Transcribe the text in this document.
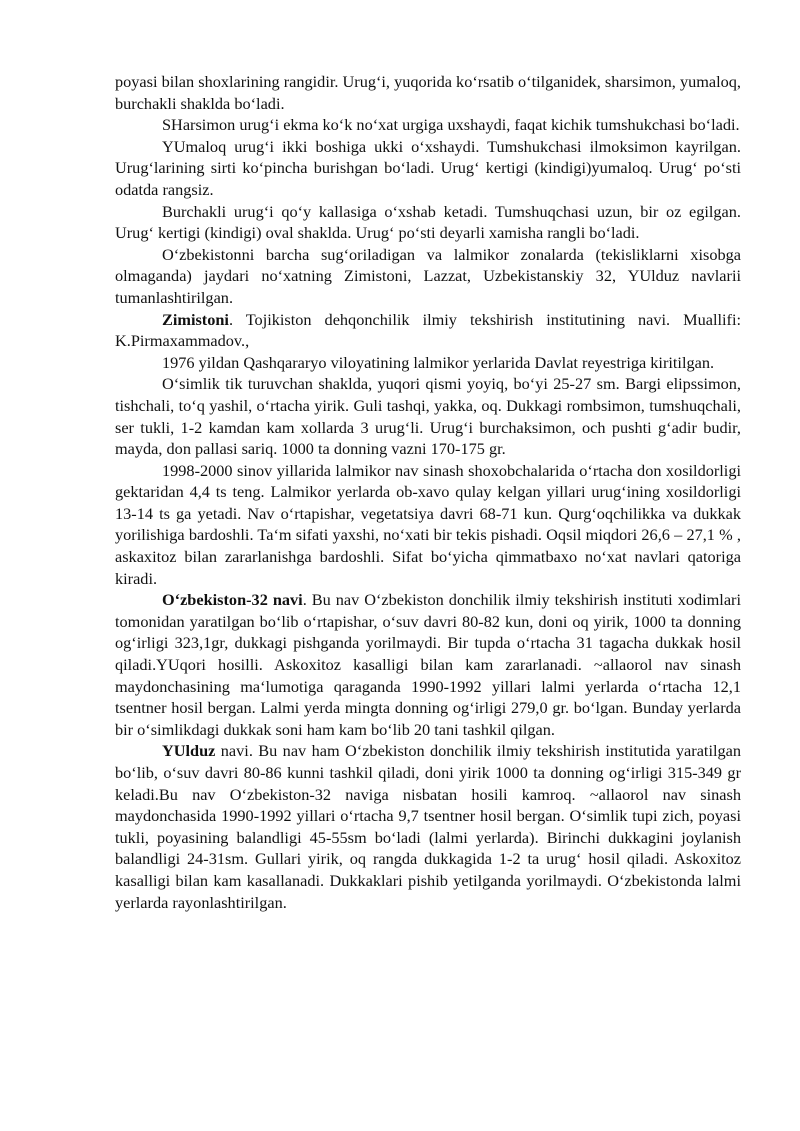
poyasi bilan shoxlarining rangidir. Urug‘i, yuqorida ko‘rsatib o‘tilganidek, sharsimon, yumaloq, burchakli shaklda bo‘ladi.

SHarsimon urug‘i ekma ko‘k no‘xat urgiga uxshaydi, faqat kichik tumshukchasi bo‘ladi.

YUmaloq urug‘i ikki boshiga ukki o‘xshaydi. Tumshukchasi ilmoksimon kayrilgan. Urug‘larining sirti ko‘pincha burishgan bo‘ladi. Urug‘ kertigi (kindigi)yumaloq. Urug‘ po‘sti odatda rangsiz.

Burchakli urug‘i qo‘y kallasiga o‘xshab ketadi. Tumshuqchasi uzun, bir oz egilgan. Urug‘ kertigi (kindigi) oval shaklda. Urug‘ po‘sti deyarli xamisha rangli bo‘ladi.

O‘zbekistonni barcha sug‘oriladigan va lalmikor zonalarda (tekisliklarni xisobga olmaganda) jaydari no‘xatning Zimistoni, Lazzat, Uzbekistanskiy 32, YUlduz navlarii tumanlashtirilgan.

Zimistoni. Tojikiston dehqonchilik ilmiy tekshirish institutining navi. Muallifi: K.Pirmaxammadov.,

1976 yildan Qashqararyo viloyatining lalmikor yerlarida Davlat reyestriga kiritilgan.

O‘simlik tik turuvchan shaklda, yuqori qismi yoyiq, bo‘yi 25-27 sm. Bargi elipssimon, tishchali, to‘q yashil, o‘rtacha yirik. Guli tashqi, yakka, oq. Dukkagi rombsimon, tumshuqchali, ser tukli, 1-2 kamdan kam xollarda 3 urug‘li. Urug‘i burchaksimon, och pushti g‘adir budir, mayda, don pallasi sariq. 1000 ta donning vazni 170-175 gr.

1998-2000 sinov yillarida lalmikor nav sinash shoxobchalarida o‘rtacha don xosildorligi gektaridan 4,4 ts teng. Lalmikor yerlarda ob-xavo qulay kelgan yillari urug‘ining xosildorligi 13-14 ts ga yetadi. Nav o‘rtapishar, vegetatsiya davri 68-71 kun. Qurg‘oqchilikka va dukkak yorilishiga bardoshli. Ta‘m sifati yaxshi, no‘xati bir tekis pishadi. Oqsil miqdori 26,6 – 27,1 % , askaxitoz bilan zararlanishga bardoshli. Sifat bo‘yicha qimmatbaxo no‘xat navlari qatoriga kiradi.

O‘zbekiston-32 navi. Bu nav O‘zbekiston donchilik ilmiy tekshirish instituti xodimlari tomonidan yaratilgan bo‘lib o‘rtapishar, o‘suv davri 80-82 kun, doni oq yirik, 1000 ta donning og‘irligi 323,1gr, dukkagi pishganda yorilmaydi. Bir tupda o‘rtacha 31 tagacha dukkak hosil qiladi.YUqori hosilli. Askoxitoz kasalligi bilan kam zararlanadi. ~allaorol nav sinash maydonchasining ma‘lumotiga qaraganda 1990-1992 yillari lalmi yerlarda o‘rtacha 12,1 tsentner hosil bergan. Lalmi yerda mingta donning og‘irligi 279,0 gr. bo‘lgan. Bunday yerlarda bir o‘simlikdagi dukkak soni ham kam bo‘lib 20 tani tashkil qilgan.

YUlduz navi. Bu nav ham O‘zbekiston donchilik ilmiy tekshirish institutida yaratilgan bo‘lib, o‘suv davri 80-86 kunni tashkil qiladi, doni yirik 1000 ta donning og‘irligi 315-349 gr keladi.Bu nav O‘zbekiston-32 naviga nisbatan hosili kamroq. ~allaorol nav sinash maydonchasida 1990-1992 yillari o‘rtacha 9,7 tsentner hosil bergan. O‘simlik tupi zich, poyasi tukli, poyasining balandligi 45-55sm bo‘ladi (lalmi yerlarda). Birinchi dukkagini joylanish balandligi 24-31sm. Gullari yirik, oq rangda dukkagida 1-2 ta urug‘ hosil qiladi. Askoxitoz kasalligi bilan kam kasallanadi. Dukkaklari pishib yetilganda yorilmaydi. O‘zbekistonda lalmi yerlarda rayonlashtirilgan.
